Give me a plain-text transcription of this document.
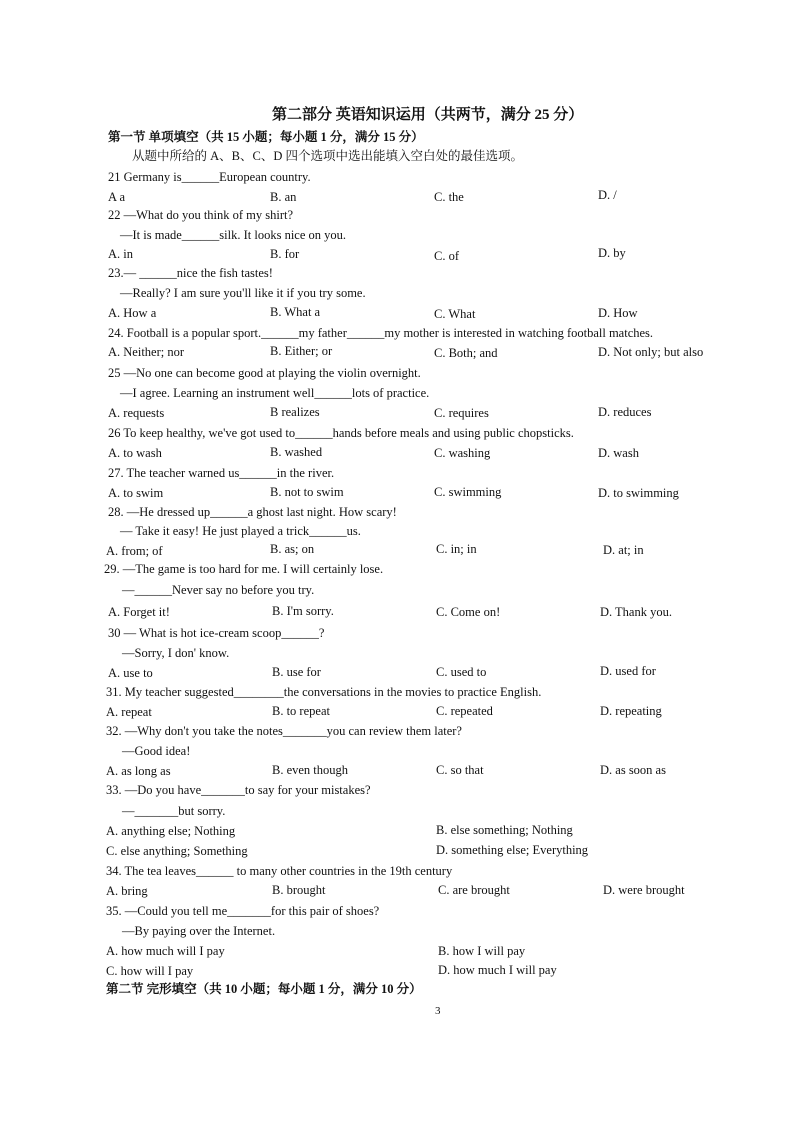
第二部分 英语知识运用（共两节，满分 25 分）
第一节 单项填空（共 15 小题；每小题 1 分，满分 15 分）
从题中所给的 A、B、C、D 四个选项中选出能填入空白处的最佳选项。
21 Germany is______European country.
A a	B. an	C. the	D. /
22 —What do you think of my shirt?
—It is made______silk. It looks nice on you.
A. in	B. for	C. of	D. by
23.— ______nice the fish tastes!
—Really? I am sure you'll like it if you try some.
A. How a	B. What a	C. What	D. How
24. Football is a popular sport.______my father______my mother is interested in watching football matches.
A. Neither; nor	B. Either; or	C. Both; and	D. Not only; but also
25 —No one can become good at playing the violin overnight.
—I agree. Learning an instrument well______lots of practice.
A. requests	B realizes	C. requires	D. reduces
26 To keep healthy, we've got used to______hands before meals and using public chopsticks.
A. to wash	B. washed	C. washing	D. wash
27. The teacher warned us______in the river.
A. to swim	B. not to swim	C. swimming	D. to swimming
28. —He dressed up______a ghost last night. How scary!
— Take it easy! He just played a trick______us.
A. from; of	B. as; on	C. in; in	D. at; in
29. —The game is too hard for me. I will certainly lose.
—______Never say no before you try.
A. Forget it!	B. I'm sorry.	C. Come on!	D. Thank you.
30 — What is hot ice-cream scoop______?
—Sorry, I don' know.
A. use to	B. use for	C. used to	D. used for
31. My teacher suggested________the conversations in the movies to practice English.
A. repeat	B. to repeat	C. repeated	D. repeating
32. —Why don't you take the notes_______you can review them later?
—Good idea!
A. as long as	B. even though	C. so that	D. as soon as
33. —Do you have_______to say for your mistakes?
—_______but sorry.
A. anything else; Nothing	B. else something; Nothing
C. else anything; Something	D. something else; Everything
34. The tea leaves______ to many other countries in the 19th century
A. bring	B. brought	C. are brought	D. were brought
35. —Could you tell me_______for this pair of shoes?
—By paying over the Internet.
A. how much will I pay	B. how I will pay
C. how will I pay	D. how much I will pay
第二节 完形填空（共 10 小题；每小题 1 分，满分 10 分）
3
